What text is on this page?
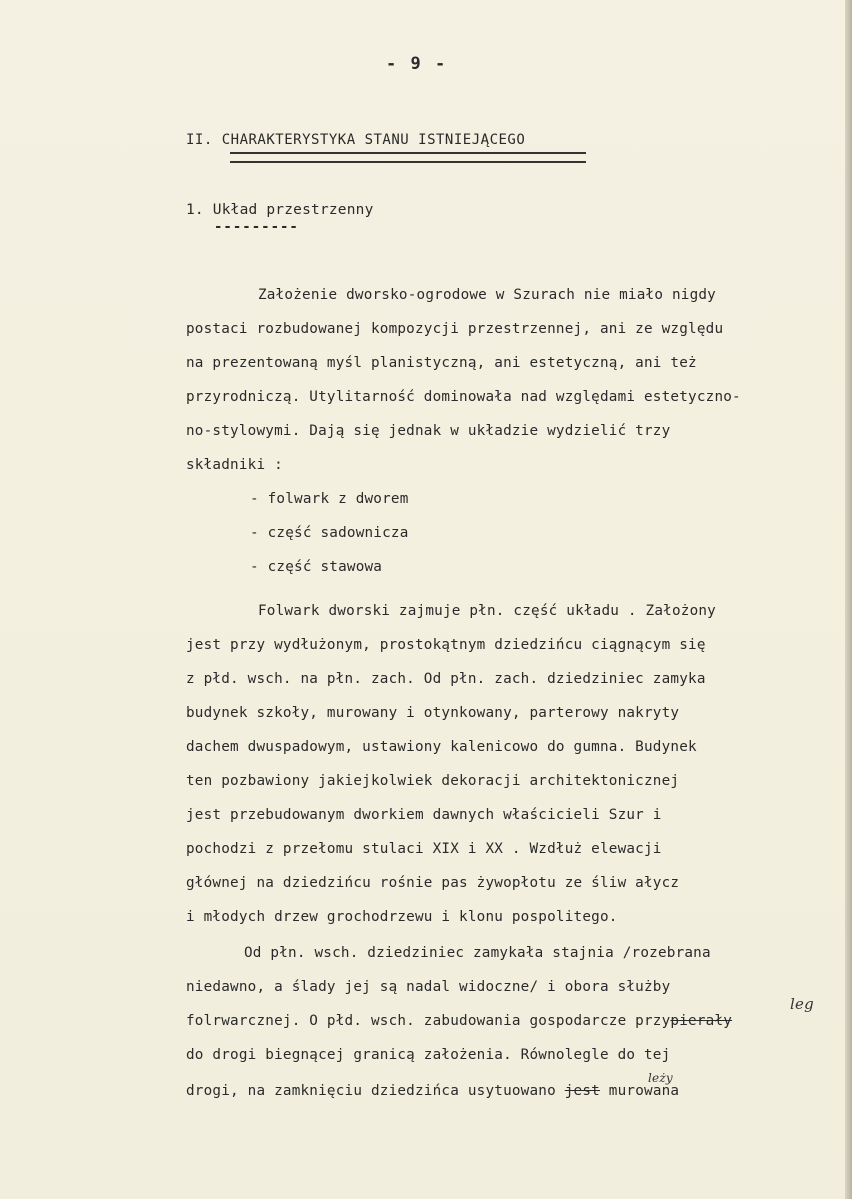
- 9 -
II. CHARAKTERYSTYKA STANU ISTNIEJĄCEGO
1. Układ przestrzenny
---------
Założenie dworsko-ogrodowe w Szurach nie miało nigdy
postaci rozbudowanej kompozycji przestrzennej, ani ze względu
na prezentowaną myśl planistyczną, ani estetyczną, ani też
przyrodniczą. Utylitarność dominowała nad względami estetyczno-
no-stylowymi. Dają się jednak w układzie wydzielić trzy
składniki :
- folwark z dworem
- część sadownicza
- część stawowa
Folwark dworski zajmuje płn. część układu . Założony
jest przy wydłużonym, prostokątnym dziedzińcu ciągnącym się
z płd. wsch. na płn. zach. Od płn. zach. dziedziniec zamyka
budynek szkoły, murowany i otynkowany, parterowy nakryty
dachem dwuspadowym, ustawiony kalenicowo do gumna. Budynek
ten pozbawiony jakiejkolwiek dekoracji architektonicznej
jest przebudowanym dworkiem dawnych właścicieli Szur i
pochodzi z przełomu stulaci XIX i XX . Wzdłuż elewacji
głównej na dziedzińcu rośnie pas żywopłotu ze śliw ałycz
i młodych drzew grochodrzewu i klonu pospolitego.
Od płn. wsch. dziedziniec zamykała stajnia /rozebrana
niedawno, a ślady jej są nadal widoczne/ i obora służby
folrwarcznej. O płd. wsch. zabudowania gospodarcze przypierały
leg
do drogi biegnącej granicą założenia. Równolegle do tej
drogi, na zamknięciu dziedzińca usytuowano jest murowana
leży
